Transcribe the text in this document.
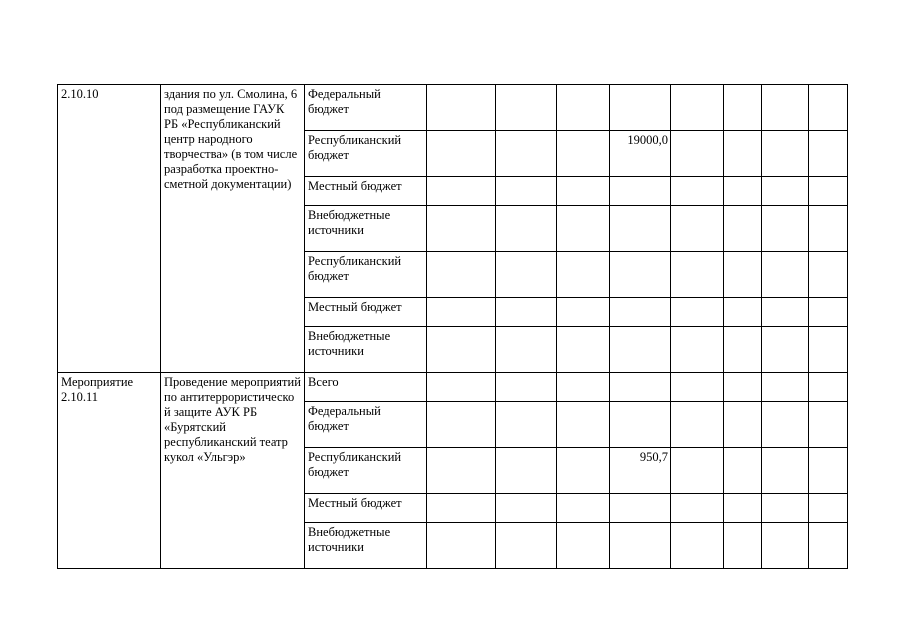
2.10.10	здания по ул. Смолина, 6 под размещение ГАУК РБ «Республиканский центр народного творчества» (в том числе разработка проектно-сметной документации)	Федеральный бюджет								
		Республиканский бюджет				19000,0				
		Местный бюджет								
		Внебюджетные источники								
		Республиканский бюджет								
		Местный бюджет								
		Внебюджетные источники								
Мероприятие 2.10.11	Проведение мероприятий по антитеррористическо й защите АУК РБ «Бурятский республиканский театр кукол «Ульгэр»	Всего								
		Федеральный бюджет								
		Республиканский бюджет				950,7				
		Местный бюджет								
		Внебюджетные источники								
